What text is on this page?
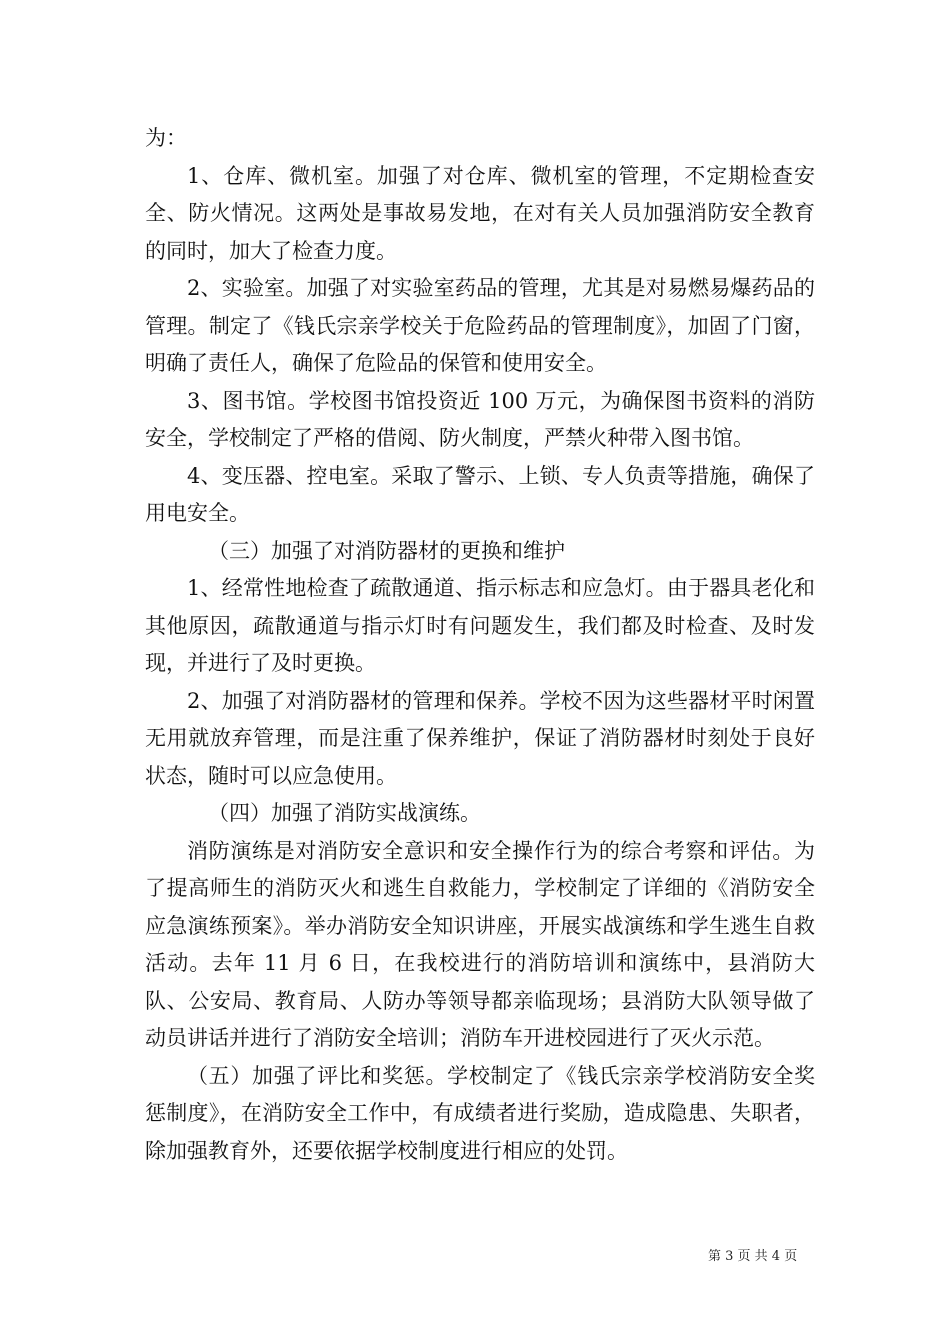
为：

1、仓库、微机室。加强了对仓库、微机室的管理，不定期检查安全、防火情况。这两处是事故易发地，在对有关人员加强消防安全教育的同时，加大了检查力度。

2、实验室。加强了对实验室药品的管理，尤其是对易燃易爆药品的管理。制定了《钱氏宗亲学校关于危险药品的管理制度》，加固了门窗，明确了责任人，确保了危险品的保管和使用安全。

3、图书馆。学校图书馆投资近 100 万元，为确保图书资料的消防安全，学校制定了严格的借阅、防火制度，严禁火种带入图书馆。

4、变压器、控电室。采取了警示、上锁、专人负责等措施，确保了用电安全。

（三）加强了对消防器材的更换和维护

1、经常性地检查了疏散通道、指示标志和应急灯。由于器具老化和其他原因，疏散通道与指示灯时有问题发生，我们都及时检查、及时发现，并进行了及时更换。

2、加强了对消防器材的管理和保养。学校不因为这些器材平时闲置无用就放弃管理，而是注重了保养维护，保证了消防器材时刻处于良好状态，随时可以应急使用。

（四）加强了消防实战演练。

消防演练是对消防安全意识和安全操作行为的综合考察和评估。为了提高师生的消防灭火和逃生自救能力，学校制定了详细的《消防安全应急演练预案》。举办消防安全知识讲座，开展实战演练和学生逃生自救活动。去年 11 月 6 日，在我校进行的消防培训和演练中，县消防大队、公安局、教育局、人防办等领导都亲临现场；县消防大队领导做了动员讲话并进行了消防安全培训；消防车开进校园进行了灭火示范。

（五）加强了评比和奖惩。学校制定了《钱氏宗亲学校消防安全奖惩制度》，在消防安全工作中，有成绩者进行奖励，造成隐患、失职者，除加强教育外，还要依据学校制度进行相应的处罚。

第 3 页 共 4 页
